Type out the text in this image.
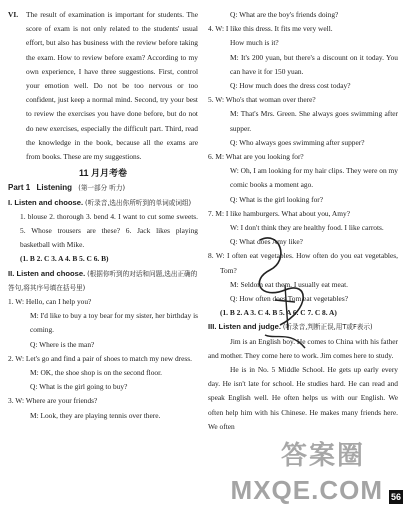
VI.	The result of examination is important for students. The score of exam is not only related to the students' usual effort, but also has business with the review before taking the exam. How to review before exam? According to my own experience, I have three suggestions. First, control your emotion well. Do not be too nervous or too confident, just keep a normal mind. Second, try your best to review the exercises you have done before, but do not do new exercises, especially the difficult part. Third, read the knowledge in the book, because all the exams are from books. These are my suggestions.

11 月月考卷

Part 1 Listening (第一部分 听力)

I. Listen and choose. (听录音,选出你所听到的单词或词组)

1. blouse 2. thorough 3. bend 4. I want to cut some sweets. 5. Whose trousers are these? 6. Jack likes playing basketball with Mike.

(1. B 2. C 3. A 4. B 5. C 6. B)

II. Listen and choose. (根据你听到的对话和问题,选出正确的答句,将其序号填在括号里)

1. W: Hello, can I help you?

M: I'd like to buy a toy bear for my sister, her birthday is coming.

Q: Where is the man?

2. W: Let's go and find a pair of shoes to match my new dress.

M: OK, the shoe shop is on the second floor.

Q: What is the girl going to buy?

3. W: Where are your friends?

M: Look, they are playing tennis over there.

Q: What are the boy's friends doing?

4. W: I like this dress. It fits me very well.

How much is it?

M: It's 200 yuan, but there's a discount on it today. You can have it for 150 yuan.

Q: How much does the dress cost today?

5. W: Who's that woman over there?

M: That's Mrs. Green. She always goes swimming after supper.

Q: Who always goes swimming after supper?

6. M: What are you looking for?

W: Oh, I am looking for my hair clips. They were on my comic books a moment ago.

Q: What is the girl looking for?

7. M: I like hamburgers. What about you, Amy?

W: I don't think they are healthy food. I like carrots.

Q: What does Amy like?

8. W: I often eat vegetables. How often do you eat vegetables, Tom?

M: Seldom eat them. I usually eat meat.

Q: How often does Tom eat vegetables?

(1. B 2. A 3. C 4. B 5. A 6. C 7. C 8. A)

III. Listen and judge. (听录音,判断正误,用T或F表示)

Jim is an English boy. He comes to China with his father and mother. They come here to work. Jim comes here to study.

He is in No. 5 Middle School. He gets up early every day. He isn't late for school. He studies hard. He can read and speak English well. He often helps us with our English. We often help him with his Chinese. He makes many friends here. We often

答案圈
MXQE.COM 56
